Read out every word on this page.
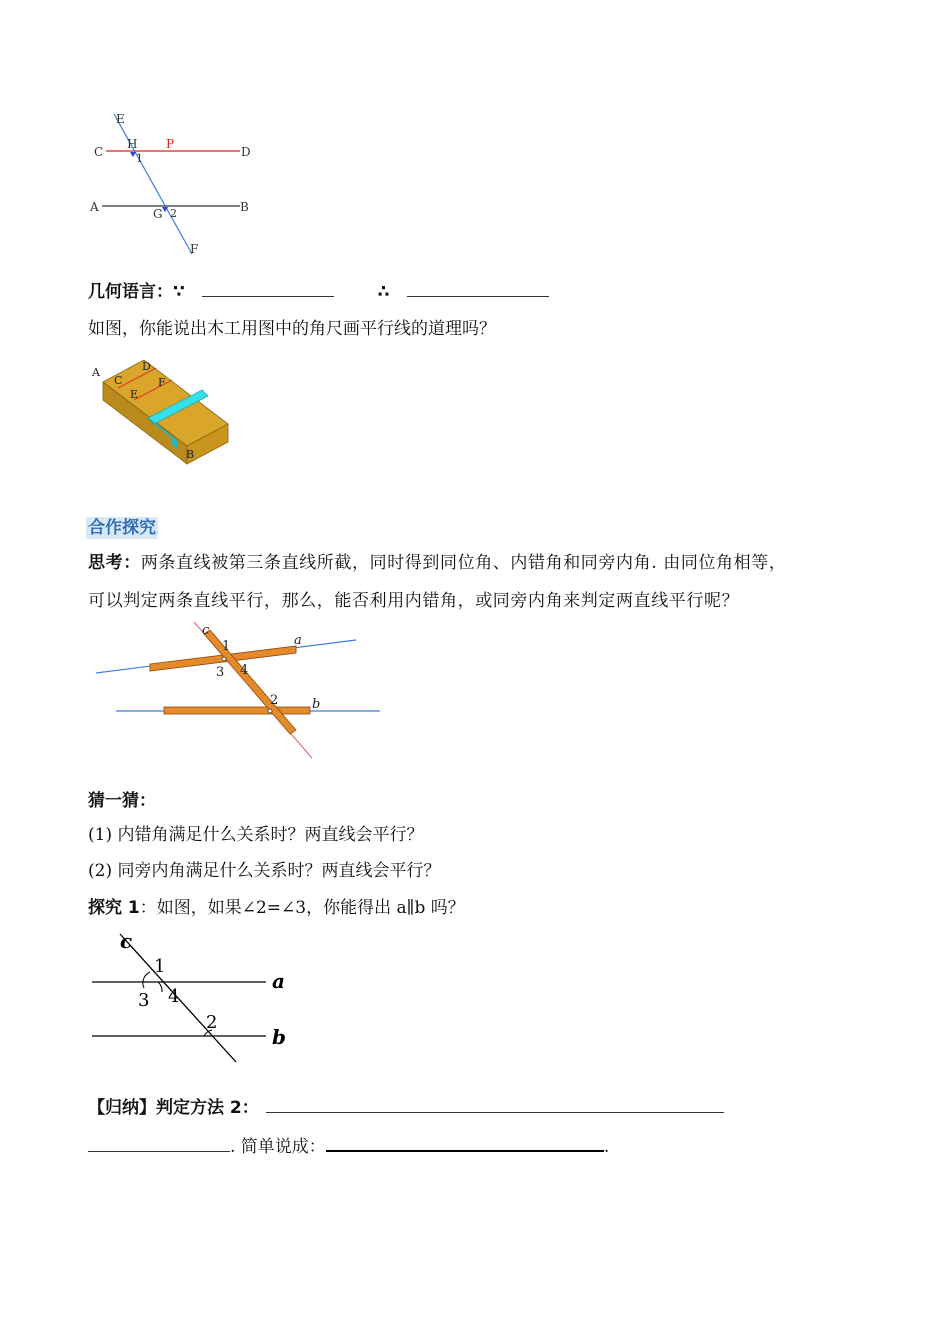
E
C
H
1
P
D
A	G 2	B
F
几何语言：∵	∴
如图，你能说出木工用图中的角尺画平行线的道理吗？
A
C
D
E
F
B
合作探究
思考：两条直线被第三条直线所截，同时得到同位角、内错角和同旁内角. 由同位角相等，
可以判定两条直线平行，那么，能否利用内错角，或同旁内角来判定两直线平行呢？
c
1	a
3 4
2	b
猜一猜：
(1) 内错角满足什么关系时？两直线会平行？
(2) 同旁内角满足什么关系时？两直线会平行？
探究 1：如图，如果∠2=∠3，你能得出 a∥b 吗？
c
1
a
3 4
2
b
【归纳】判定方法 2：
. 简单说成：	.
